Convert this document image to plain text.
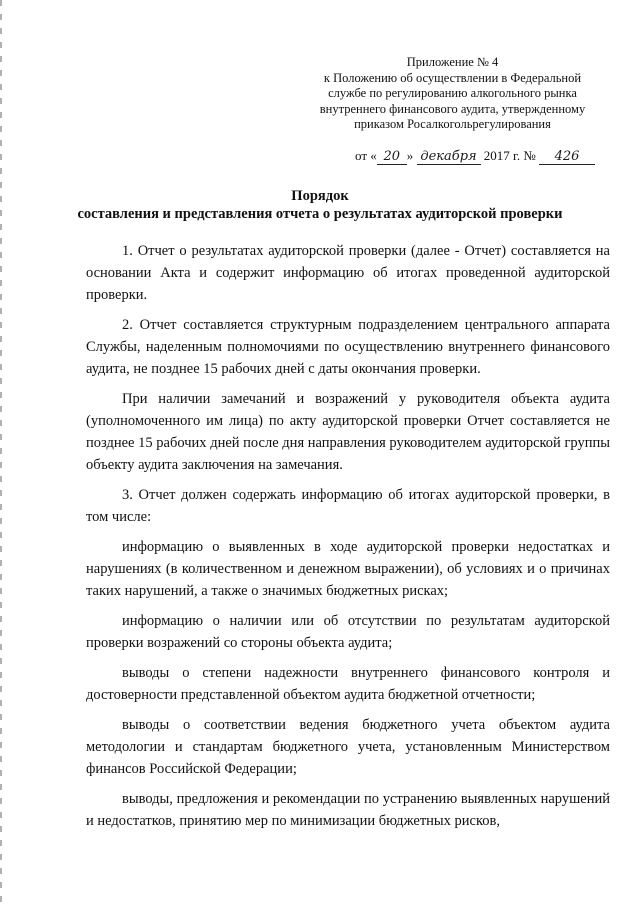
Приложение № 4
к Положению об осуществлении в Федеральной
службе по регулированию алкогольного рынка
внутреннего финансового аудита, утвержденному
приказом Росалкогольрегулирования
от « 20 » декабря 2017 г. № 426
Порядок
составления и представления отчета о результатах аудиторской проверки

1. Отчет о результатах аудиторской проверки (далее - Отчет) составляется на основании Акта и содержит информацию об итогах проведенной аудиторской проверки.

2. Отчет составляется структурным подразделением центрального аппарата Службы, наделенным полномочиями по осуществлению внутреннего финансового аудита, не позднее 15 рабочих дней с даты окончания проверки.

При наличии замечаний и возражений у руководителя объекта аудита (уполномоченного им лица) по акту аудиторской проверки Отчет составляется не позднее 15 рабочих дней после дня направления руководителем аудиторской группы объекту аудита заключения на замечания.

3. Отчет должен содержать информацию об итогах аудиторской проверки, в том числе:

информацию о выявленных в ходе аудиторской проверки недостатках и нарушениях (в количественном и денежном выражении), об условиях и о причинах таких нарушений, а также о значимых бюджетных рисках;

информацию о наличии или об отсутствии по результатам аудиторской проверки возражений со стороны объекта аудита;

выводы о степени надежности внутреннего финансового контроля и достоверности представленной объектом аудита бюджетной отчетности;

выводы о соответствии ведения бюджетного учета объектом аудита методологии и стандартам бюджетного учета, установленным Министерством финансов Российской Федерации;

выводы, предложения и рекомендации по устранению выявленных нарушений и недостатков, принятию мер по минимизации бюджетных рисков,
